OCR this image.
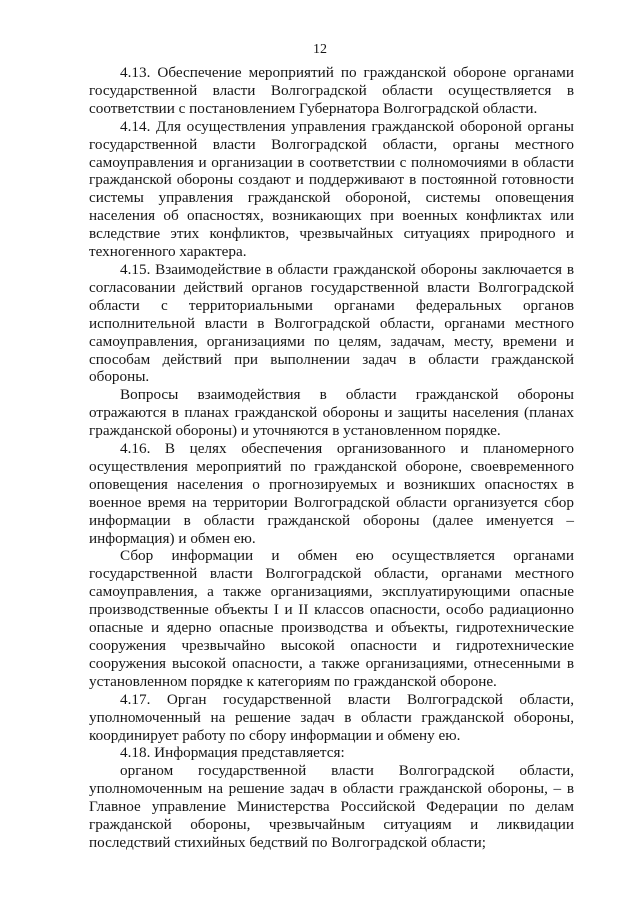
12

4.13. Обеспечение мероприятий по гражданской обороне органами государственной власти Волгоградской области осуществляется в соответствии с постановлением Губернатора Волгоградской области.

4.14. Для осуществления управления гражданской обороной органы государственной власти Волгоградской области, органы местного самоуправления и организации в соответствии с полномочиями в области гражданской обороны создают и поддерживают в постоянной готовности системы управления гражданской обороной, системы оповещения населения об опасностях, возникающих при военных конфликтах или вследствие этих конфликтов, чрезвычайных ситуациях природного и техногенного характера.

4.15. Взаимодействие в области гражданской обороны заключается в согласовании действий органов государственной власти Волгоградской области с территориальными органами федеральных органов исполнительной власти в Волгоградской области, органами местного самоуправления, организациями по целям, задачам, месту, времени и способам действий при выполнении задач в области гражданской обороны.

Вопросы взаимодействия в области гражданской обороны отражаются в планах гражданской обороны и защиты населения (планах гражданской обороны) и уточняются в установленном порядке.

4.16. В целях обеспечения организованного и планомерного осуществления мероприятий по гражданской обороне, своевременного оповещения населения о прогнозируемых и возникших опасностях в военное время на территории Волгоградской области организуется сбор информации в области гражданской обороны (далее именуется – информация) и обмен ею.

Сбор информации и обмен ею осуществляется органами государственной власти Волгоградской области, органами местного самоуправления, а также организациями, эксплуатирующими опасные производственные объекты I и II классов опасности, особо радиационно опасные и ядерно опасные производства и объекты, гидротехнические сооружения чрезвычайно высокой опасности и гидротехнические сооружения высокой опасности, а также организациями, отнесенными в установленном порядке к категориям по гражданской обороне.

4.17. Орган государственной власти Волгоградской области, уполномоченный на решение задач в области гражданской обороны, координирует работу по сбору информации и обмену ею.

4.18. Информация представляется:

органом государственной власти Волгоградской области, уполномоченным на решение задач в области гражданской обороны, – в Главное управление Министерства Российской Федерации по делам гражданской обороны, чрезвычайным ситуациям и ликвидации последствий стихийных бедствий по Волгоградской области;
